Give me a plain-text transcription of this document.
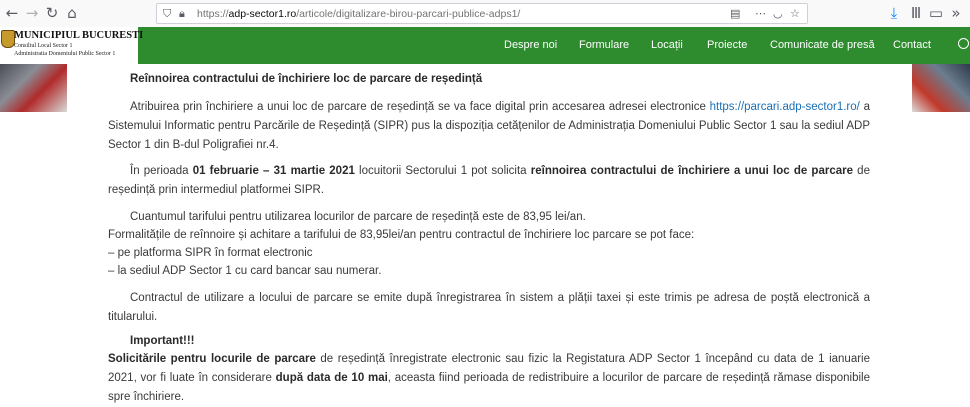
← → ↻ ⌂	⛉ 🔒︎ https://adp-sector1.ro/articole/digitalizare-birou-parcari-publice-adps1/	▤ ⋯ ◡ ☆	⤓ Ⅲ ▭ »
MUNICIPIUL BUCURESTI
Consiliul Local Sector 1
Administratia Domeniului Public Sector 1
Despre noi Formulare Locații Proiecte Comunicate de presă Contact
Reînnoirea contractului de închiriere loc de parcare de reședință

Atribuirea prin închiriere a unui loc de parcare de reședință se va face digital prin accesarea adresei electronice https://parcari.adp-sector1.ro/ a Sistemului Informatic pentru Parcările de Reședință (SIPR) pus la dispoziția cetățenilor de Administrația Domeniului Public Sector 1 sau la sediul ADP Sector 1 din B-dul Poligrafiei nr.4.

În perioada 01 februarie – 31 martie 2021 locuitorii Sectorului 1 pot solicita reînnoirea contractului de închiriere a unui loc de parcare de reședință prin intermediul platformei SIPR.

Cuantumul tarifului pentru utilizarea locurilor de parcare de reședință este de 83,95 lei/an.
Formalitățile de reînnoire și achitare a tarifului de 83,95lei/an pentru contractul de închiriere loc parcare se pot face:
– pe platforma SIPR în format electronic
– la sediul ADP Sector 1 cu card bancar sau numerar.

Contractul de utilizare a locului de parcare se emite după înregistrarea în sistem a plății taxei și este trimis pe adresa de poștă electronică a titularului.

Important!!!

Solicitările pentru locurile de parcare de reședință înregistrate electronic sau fizic la Registatura ADP Sector 1 începând cu data de 1 ianuarie 2021, vor fi luate în considerare după data de 10 mai, aceasta fiind perioada de redistribuire a locurilor de parcare de reședință rămase disponibile spre închiriere.
